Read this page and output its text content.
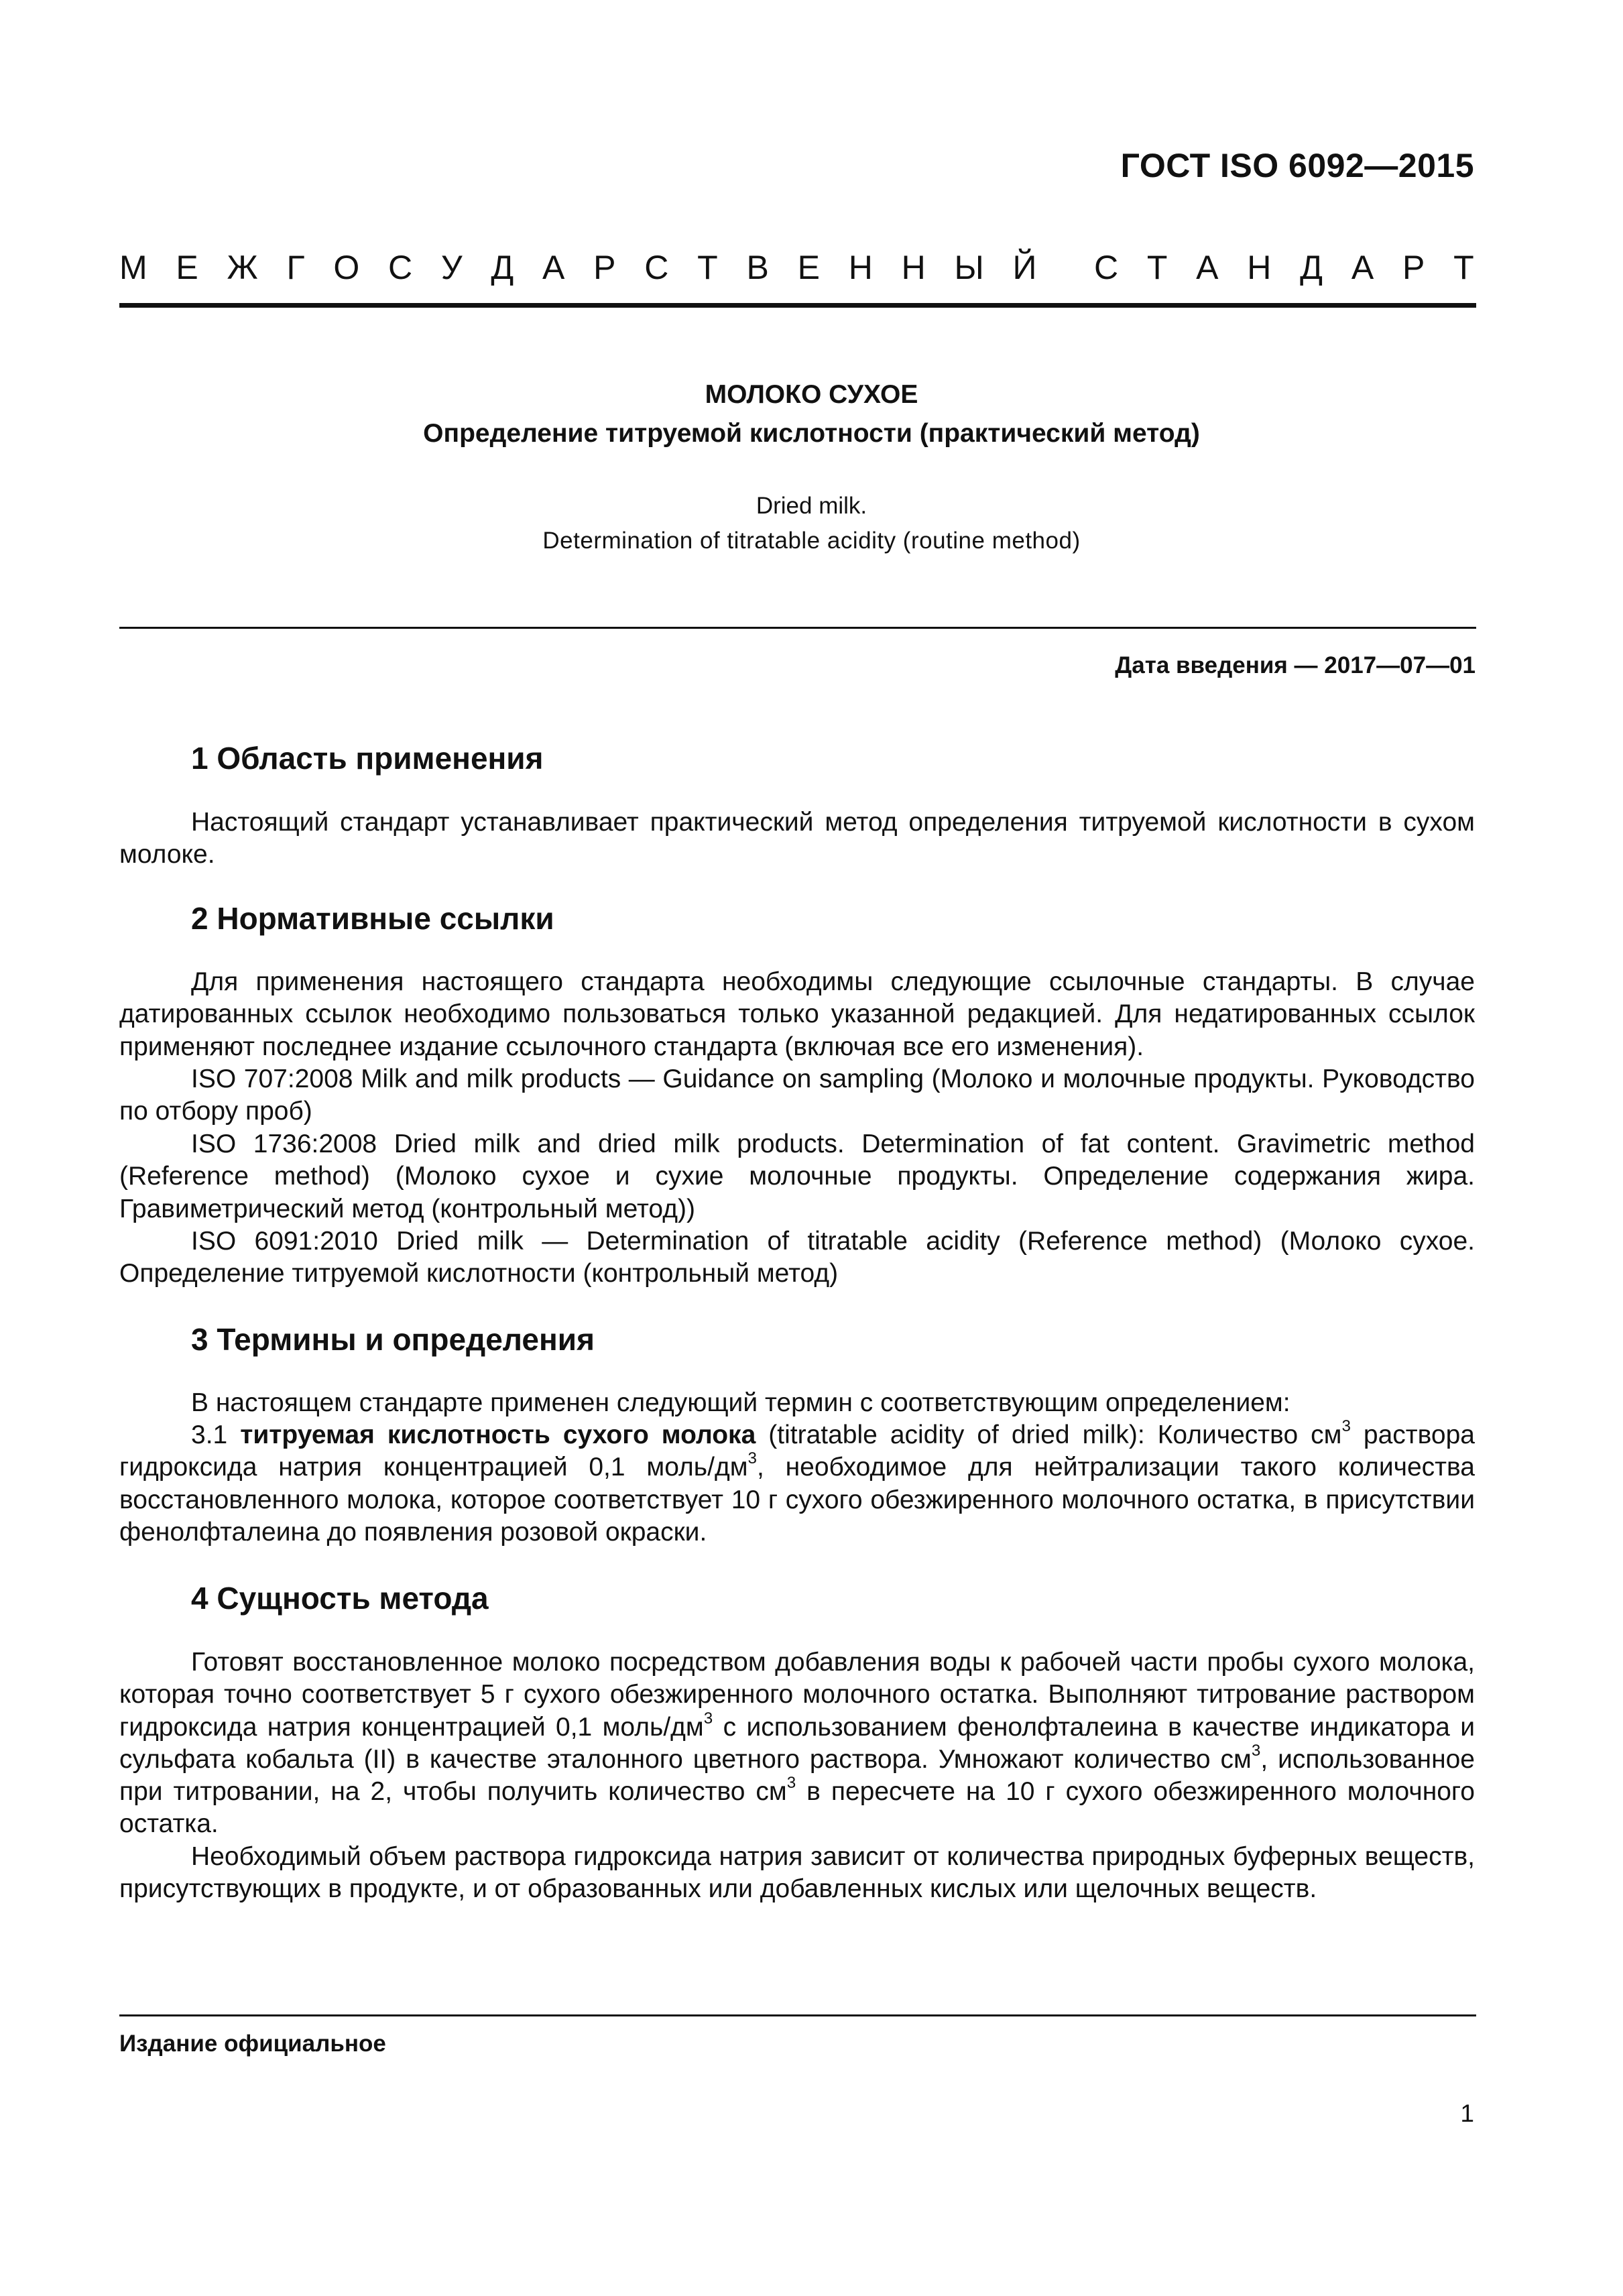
ГОСТ ISO 6092—2015
М Е Ж Г О С У Д А Р С Т В Е Н Н Ы Й С Т А Н Д А Р Т
МОЛОКО СУХОЕ
Определение титруемой кислотности (практический метод)
Dried milk.
Determination of titratable acidity (routine method)
Дата введения — 2017—07—01
1 Область применения
Настоящий стандарт устанавливает практический метод определения титруемой кислотности в сухом молоке.
2 Нормативные ссылки
Для применения настоящего стандарта необходимы следующие ссылочные стандарты. В случае датированных ссылок необходимо пользоваться только указанной редакцией. Для недатированных ссылок применяют последнее издание ссылочного стандарта (включая все его изменения).
ISO 707:2008 Milk and milk products — Guidance on sampling (Молоко и молочные продукты. Руководство по отбору проб)
ISO 1736:2008 Dried milk and dried milk products. Determination of fat content. Gravimetric method (Reference method) (Молоко сухое и сухие молочные продукты. Определение содержания жира. Гравиметрический метод (контрольный метод))
ISO 6091:2010 Dried milk — Determination of titratable acidity (Reference method) (Молоко сухое. Определение титруемой кислотности (контрольный метод)
3 Термины и определения
В настоящем стандарте применен следующий термин с соответствующим определением:
3.1 титруемая кислотность сухого молока (titratable acidity of dried milk): Количество $см^3$ раствора гидроксида натрия концентрацией 0,1 моль/$дм^3$, необходимое для нейтрализации такого количества восстановленного молока, которое соответствует 10 г сухого обезжиренного молочного остатка, в присутствии фенолфталеина до появления розовой окраски.
4 Сущность метода
Готовят восстановленное молоко посредством добавления воды к рабочей части пробы сухого молока, которая точно соответствует 5 г сухого обезжиренного молочного остатка. Выполняют титрование раствором гидроксида натрия концентрацией 0,1 моль/$дм^3$ с использованием фенолфталеина в качестве индикатора и сульфата кобальта (II) в качестве эталонного цветного раствора. Умножают количество $см^3$, использованное при титровании, на 2, чтобы получить количество $см^3$ в пересчете на 10 г сухого обезжиренного молочного остатка.
Необходимый объем раствора гидроксида натрия зависит от количества природных буферных веществ, присутствующих в продукте, и от образованных или добавленных кислых или щелочных веществ.
Издание официальное
1
